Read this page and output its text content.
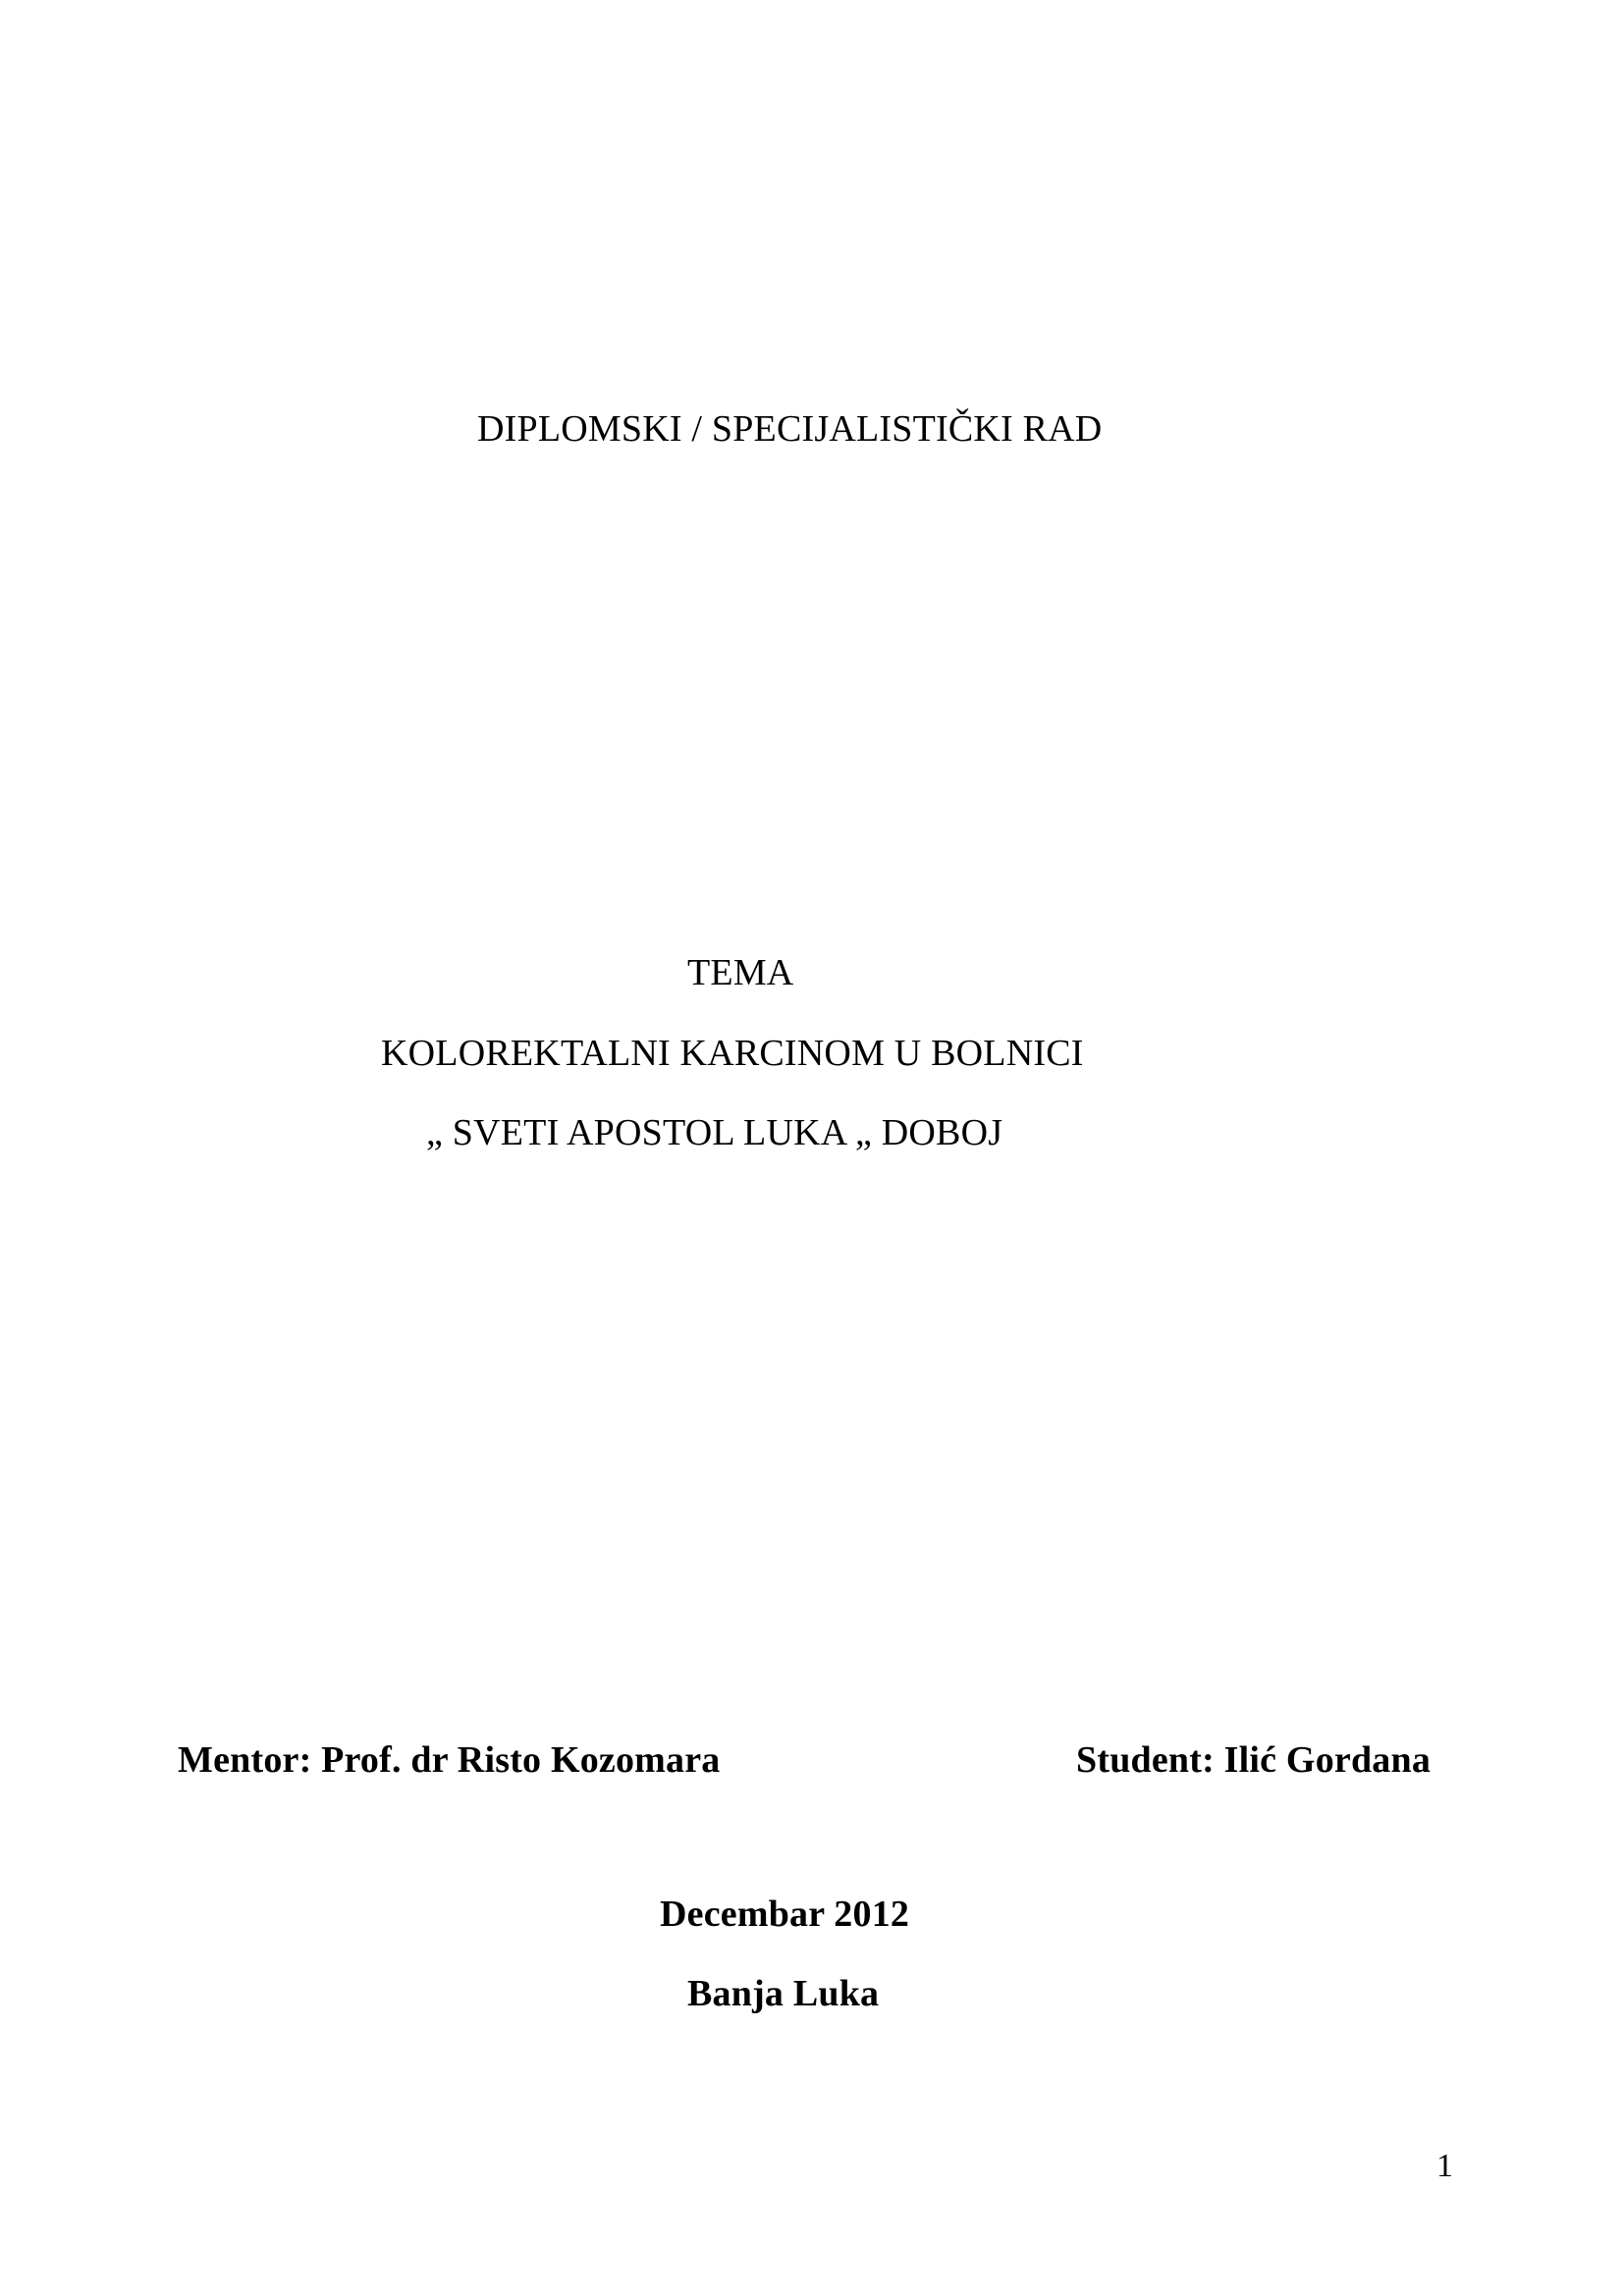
DIPLOMSKI / SPECIJALISTIČKI RAD
TEMA
KOLOREKTALNI KARCINOM U BOLNICI
„ SVETI APOSTOL LUKA „ DOBOJ
Mentor: Prof. dr Risto Kozomara	Student: Ilić Gordana
Decembar 2012
Banja Luka
1
